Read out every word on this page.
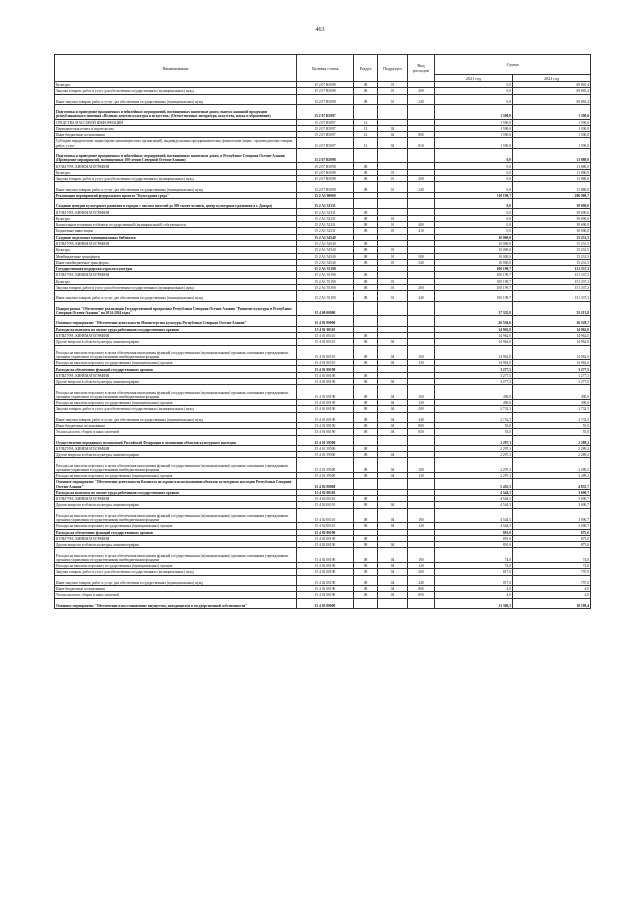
463
Наименование	Целевая статья	Раздел	Подраздел	Вид расходов	Сумма	
					2021 год	2022 год
Культура	15 2 07 R5098	08	01		0,0	69 865,4
Закупка товаров, работ и услуг для обеспечения государственных (муниципальных) нужд	15 2 07 R5098	08	01	200	0,0	69 865,4
Иные закупки товаров, работ и услуг для обеспечения государственных (муниципальных) нужд	15 2 07 R5098	08	01	240	0,0	69 865,4
Подготовка и проведение праздничных и юбилейных мероприятий, посвященных памятным датам, выпуск книжной продукции республиканского значения «Великие деятели культуры и искусства» (Отечественные литература, искусство, наука и образование)	15 2 07 R5097				1 590,0	1 590,0
СРЕДСТВА МАССОВОЙ ИНФОРМАЦИИ	15 2 07 R5097	12			1 590,0	1 590,0
Периодическая печать и издательства	15 2 07 R5097	12	02		1 590,0	1 590,0
Иные бюджетные ассигнования	15 2 07 R5097	12	02	800	1 590,0	1 590,0
Субсидии юридическим лицам (кроме некоммерческих организаций), индивидуальным предпринимателям, физическим лицам - производителям товаров, работ, услуг	15 2 07 R5097	12	02	810	1 590,0	1 590,0
Подготовка и проведение праздничных и юбилейных мероприятий, посвященных памятным датам, в Республике Северная Осетия-Алания (Проведение мероприятий, посвященных 100-летию Северной Осетии-Алании)	15 2 07 R5098				0,0	11 880,0
КУЛЬТУРА, КИНЕМАТОГРАФИЯ	15 2 07 R5098	08			0,0	11 880,0
Культура	15 2 07 R5098	08	01		0,0	11 880,0
Закупка товаров, работ и услуг для обеспечения государственных (муниципальных) нужд	15 2 07 R5098	08	01	200	0,0	11 880,0
Иные закупки товаров, работ и услуг для обеспечения государственных (муниципальных) нужд	15 2 07 R5098	08	01	240	0,0	11 880,0
Реализация мероприятий федерального проекта "Культурная среда"	15 2 A1 00000				110 199,7	206 908,7
Создание центров культурного развития в городах с числом жителей до 300 тысяч человек, центр культурного развития в г. Дигора)	15 2 A1 52331				0,0	39 690,0
КУЛЬТУРА, КИНЕМАТОГРАФИЯ	15 2 A1 52331	08			0,0	39 690,0
Культура	15 2 A1 52331	08	01		0,0	39 690,0
Капитальные вложения в объекты государственной (муниципальной) собственности	15 2 A1 52331	08	01	400	0,0	39 690,0
Бюджетные инвестиции	15 2 A1 52331	08	01	410	0,0	39 690,0
Создание модельных муниципальных библиотек	15 2 A1 54540				10 000,0	15 231,5
КУЛЬТУРА, КИНЕМАТОГРАФИЯ	15 2 A1 54540	08			10 000,0	15 231,5
Культура	15 2 A1 54540	08	01		10 000,0	15 231,5
Межбюджетные трансферты	15 2 A1 54540	08	01	500	10 000,0	15 231,5
Иные межбюджетные трансферты	15 2 A1 54540	08	01	540	10 000,0	15 231,5
Государственная поддержка отрасли культуры	15 2 A1 55190				100 199,7	151 337,2
КУЛЬТУРА, КИНЕМАТОГРАФИЯ	15 2 A1 55190	08			100 199,7	151 337,2
Культура	15 2 A1 55190	08	01		100 199,7	151 337,2
Закупка товаров, работ и услуг для обеспечения государственных (муниципальных) нужд	15 2 A1 55190	08	01	200	100 199,7	151 337,2
Иные закупки товаров, работ и услуг для обеспечения государственных (муниципальных) нужд	15 2 A1 55190	08	01	240	100 199,7	151 337,2
Подпрограмма "Обеспечение реализации Государственной программы Республики Северная Осетия-Алания "Развитие культуры в Республике Северная Осетия-Алания" на 2014-2024 годы"	15 4 00 00000				37 335,8	35 213,8
Основное мероприятие "Обеспечение деятельности Министерства культуры Республики Северная Осетия-Алания"	15 4 01 00000				26 536,6	26 528,7
Расходы на выплаты по оплате труда работников государственных органов	15 4 01 00110				14 962,0	14 962,0
КУЛЬТУРА, КИНЕМАТОГРАФИЯ	15 4 01 00110	08			14 962,0	14 962,0
Другие вопросы в области культуры, кинематографии	15 4 01 00110	08	04		14 962,0	14 962,0
Расходы на выплаты персоналу в целях обеспечения выполнения функций государственными (муниципальными) органами, казенными учреждениями, органами управления государственными внебюджетными фондами	15 4 01 00110	08	04	100	14 962,0	14 962,0
Расходы на выплаты персоналу государственных (муниципальных) органов	15 4 01 00110	08	04	120	14 962,0	14 962,0
Расходы на обеспечение функций государственных органов	15 4 01 00190				3 277,5	3 277,5
КУЛЬТУРА, КИНЕМАТОГРАФИЯ	15 4 01 00190	08			3 277,5	3 277,5
Другие вопросы в области культуры, кинематографии	15 4 01 00190	08	04		3 277,5	3 277,5
Расходы на выплаты персоналу в целях обеспечения выполнения функций государственными (муниципальными) органами, казенными учреждениями, органами управления государственными внебюджетными фондами	15 4 01 00190	08	04	100	490,0	490,0
Расходы на выплаты персоналу государственных (муниципальных) органов	15 4 01 00190	08	04	120	490,0	490,0
Закупка товаров, работ и услуг для обеспечения государственных (муниципальных) нужд	15 4 01 00190	08	04	200	2 732,5	2 732,5
Иные закупки товаров, работ и услуг для обеспечения государственных (муниципальных) нужд	15 4 01 00190	08	04	240	2 732,5	2 732,5
Иные бюджетные ассигнования	15 4 01 00190	08	04	800	55,0	55,0
Уплата налогов, сборов и иных платежей	15 4 01 00190	08	04	850	55,0	55,0
Осуществление переданных полномочий Российской Федерации в отношении объектов культурного наследия	15 4 01 59500				2 297,3	2 289,2
КУЛЬТУРА, КИНЕМАТОГРАФИЯ	15 4 01 59500	08			2 297,3	2 289,2
Другие вопросы в области культуры, кинематографии	15 4 01 59500	08	04		2 297,3	2 289,2
Расходы на выплаты персоналу в целях обеспечения выполнения функций государственными (муниципальными) органами, казенными учреждениями, органами управления государственными внебюджетными фондами	15 4 01 59500	08	04	100	2 297,3	2 289,2
Расходы на выплаты персоналу государственных (муниципальных) органов	15 4 01 59500	08	04	120	2 297,3	2 289,2
Основное мероприятие "Обеспечение деятельности Комитета по охране и использованию объектов культурного наследия Республики Северная Осетия-Алания"	15 4 02 00000				5 435,5	4 835,7
Расходы на выплаты по оплате труда работников государственных органов	15 4 02 00110				4 544,5	3 690,7
КУЛЬТУРА, КИНЕМАТОГРАФИЯ	15 4 02 00110	08			4 544,5	3 690,7
Другие вопросы в области культуры, кинематографии	15 4 02 00110	08	04		4 544,5	3 690,7
Расходы на выплаты персоналу в целях обеспечения выполнения функций государственными (муниципальными) органами, казенными учреждениями, органами управления государственными внебюджетными фондами	15 4 02 00110	08	04	100	4 544,5	3 690,7
Расходы на выплаты персоналу государственных (муниципальных) органов	15 4 02 00110	08	04	120	4 544,5	3 690,7
Расходы на обеспечение функций государственных органов	15 4 02 00190				891,0	875,0
КУЛЬТУРА, КИНЕМАТОГРАФИЯ	15 4 02 00190	08			891,0	875,0
Другие вопросы в области культуры, кинематографии	15 4 02 00190	08	04		891,0	875,0
Расходы на выплаты персоналу в целях обеспечения выполнения функций государственными (муниципальными) органами, казенными учреждениями, органами управления государственными внебюджетными фондами	15 4 02 00190	08	04	100	74,0	74,0
Расходы на выплаты персоналу государственных (муниципальных) органов	15 4 02 00190	08	04	120	74,0	74,0
Закупка товаров, работ и услуг для обеспечения государственных (муниципальных) нужд	15 4 02 00190	08	04	200	817,0	797,0
Иные закупки товаров, работ и услуг для обеспечения государственных (муниципальных) нужд	15 4 02 00190	08	04	240	817,0	797,0
Иные бюджетные ассигнования	15 4 02 00190	08	04	800	4,0	4,0
Уплата налогов, сборов и иных платежей	15 4 02 00190	08	04	850	4,0	4,0
Основное мероприятие "Обеспечение и восстановление имущества, находящегося в государственной собственности"	15 4 03 00000				11 306,5	10 199,4
